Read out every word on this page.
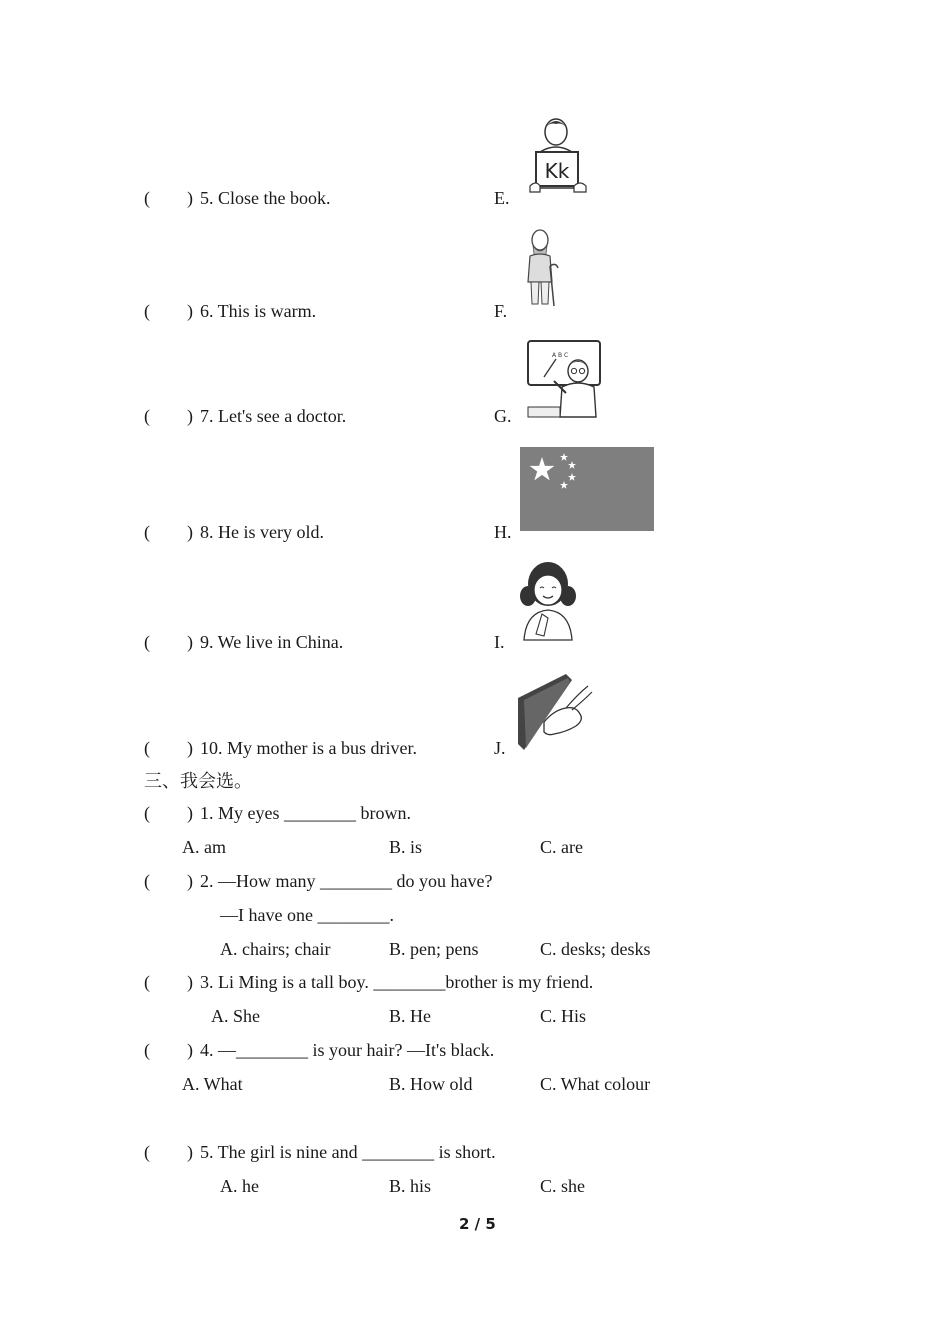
( ) 5. Close the book.	E.
( ) 6. This is warm.	F.
( ) 7. Let's see a doctor.	G.
( ) 8. He is very old.	H.
( ) 9. We live in China.	I.
( ) 10. My mother is a bus driver.	J.
Kk
A B C
三、我会选。
( ) 1. My eyes ________ brown.
A. am	B. is	C. are
( ) 2. —How many ________ do you have?
—I have one ________.
A. chairs; chair	B. pen; pens	C. desks; desks
( ) 3. Li Ming is a tall boy. ________brother is my friend.
A. She	B. He	C. His
( ) 4. —________ is your hair? —It's black.
A. What	B. How old	C. What colour
( ) 5. The girl is nine and ________ is short.
A. he	B. his	C. she
2 / 5
